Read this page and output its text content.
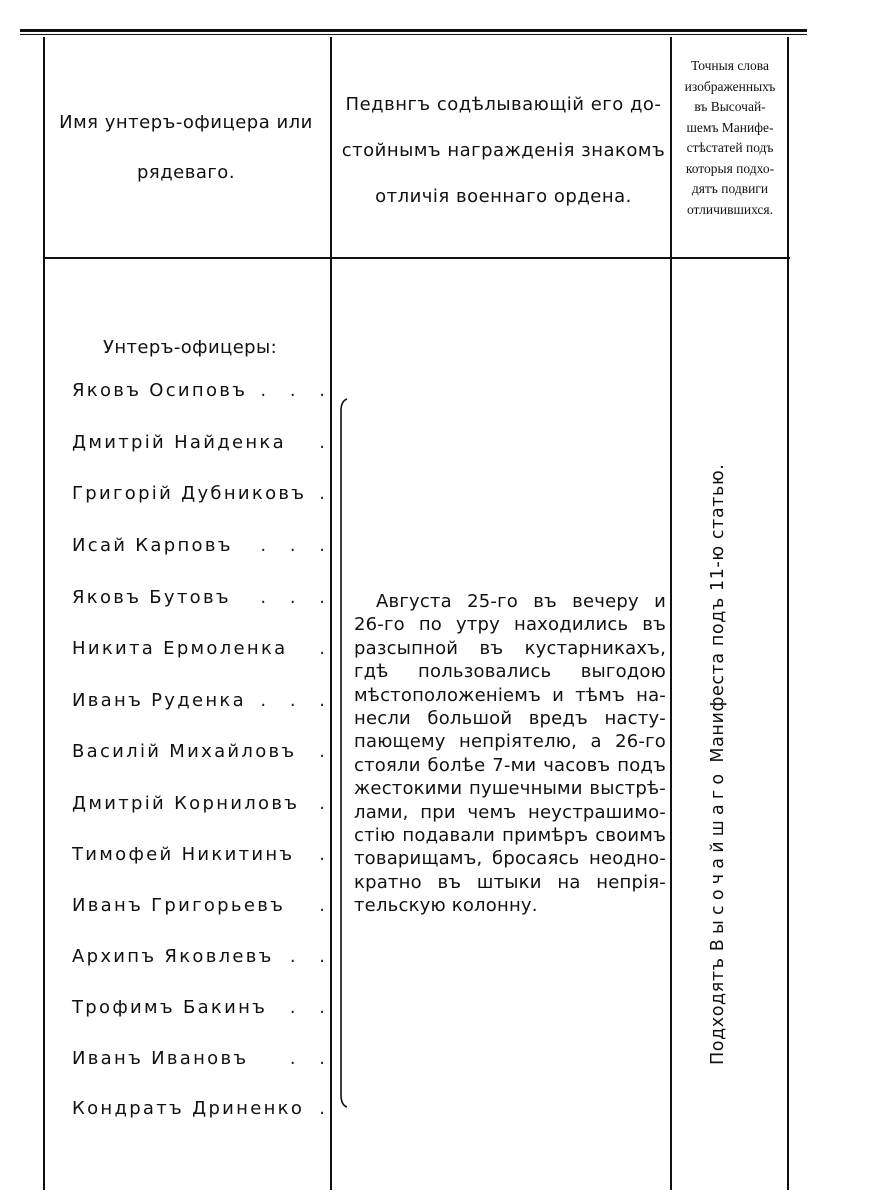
Имя унтеръ-офицера или
рядеваго.
Педвнгъ содѣлывающій его до-
стойнымъ награжденія знакомъ
отличія военнаго ордена.
Точныя слова
изображенныхъ
въ Высочай-
шемъ Манифе-
стѣстатей подъ
которыя подхо-
дятъ подвиги
отличившихся.
Унтеръ-офицеры:
Яковъ Осиповъ . . .
Дмитрій Найденка .
Григорій Дубниковъ .
Исай Карповъ . . .
Яковъ Бутовъ . . .
Никита Ермоленка .
Иванъ Руденка . . .
Василій Михайловъ .
Дмитрій Корниловъ .
Тимофей Никитинъ .
Иванъ Григорьевъ .
Архипъ Яковлевъ . .
Трофимъ Бакинъ . .
Иванъ Ивановъ . .
Кондратъ Дриненко .
Августа 25-го въ вечеру и
26-го по утру находились въ
разсыпной въ кустарникахъ,
гдѣ пользовались выгодою
мѣстоположеніемъ и тѣмъ на-
несли большой вредъ насту-
пающему непріятелю, а 26-го
стояли болѣе 7-ми часовъ подъ
жестокими пушечными выстрѣ-
лами, при чемъ неустрашимо-
стію подавали примѣръ своимъ
товарищамъ, бросаясь неодно-
кратно въ штыки на непрія-
тельскую колонну.
Подходятъ Высочайшаго Манифеста подъ 11-ю статью.
